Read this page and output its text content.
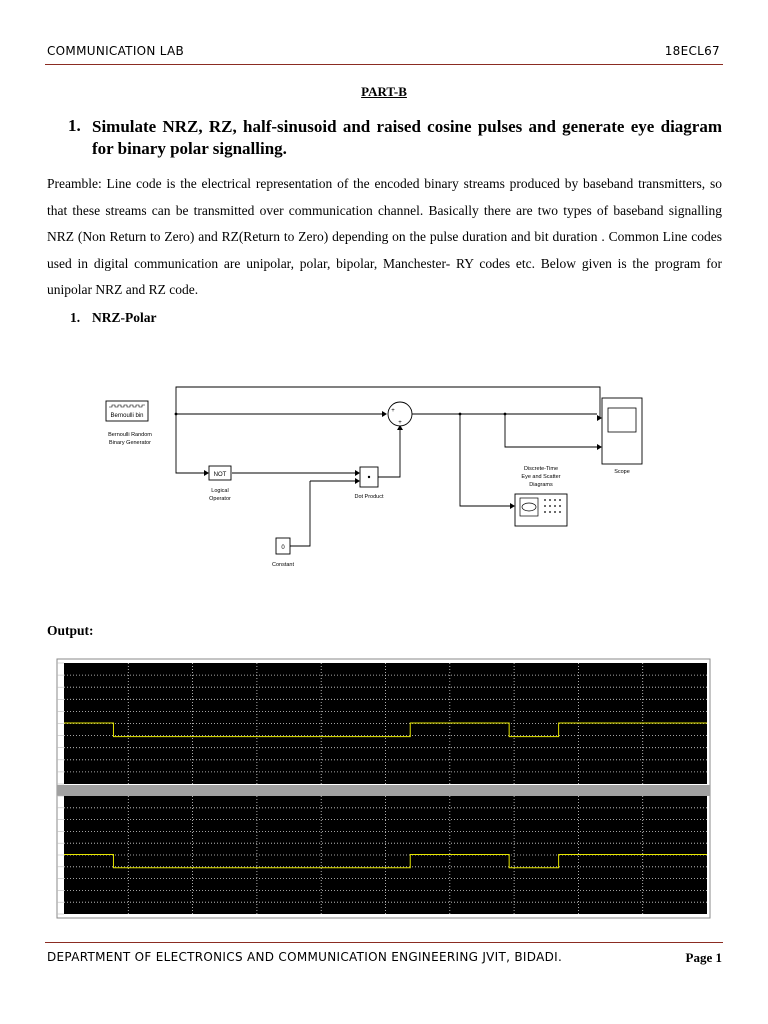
COMMUNICATION LAB	18ECL67
PART-B
1. Simulate NRZ, RZ, half-sinusoid and raised cosine pulses and generate eye diagram for binary polar signalling.
Preamble: Line code is the electrical representation of the encoded binary streams produced by baseband transmitters, so that these streams can be transmitted over communication channel. Basically there are two types of baseband signalling NRZ (Non Return to Zero) and RZ(Return to Zero) depending on the pulse duration and bit duration . Common Line codes used in digital communication are unipolar, polar, bipolar, Manchester- RY codes etc. Below given is the program for unipolar NRZ and RZ code.
1. NRZ-Polar
Bernoulli bin
Bernoulli Random
Binary Generator
NOT
Logical
Operator	Dot Product
0
Constant
+
+
Scope
Discrete-Time
Eye and Scatter
Diagrams
Output:
DEPARTMENT OF ELECTRONICS AND COMMUNICATION ENGINEERING JVIT, BIDADI.	Page 1
